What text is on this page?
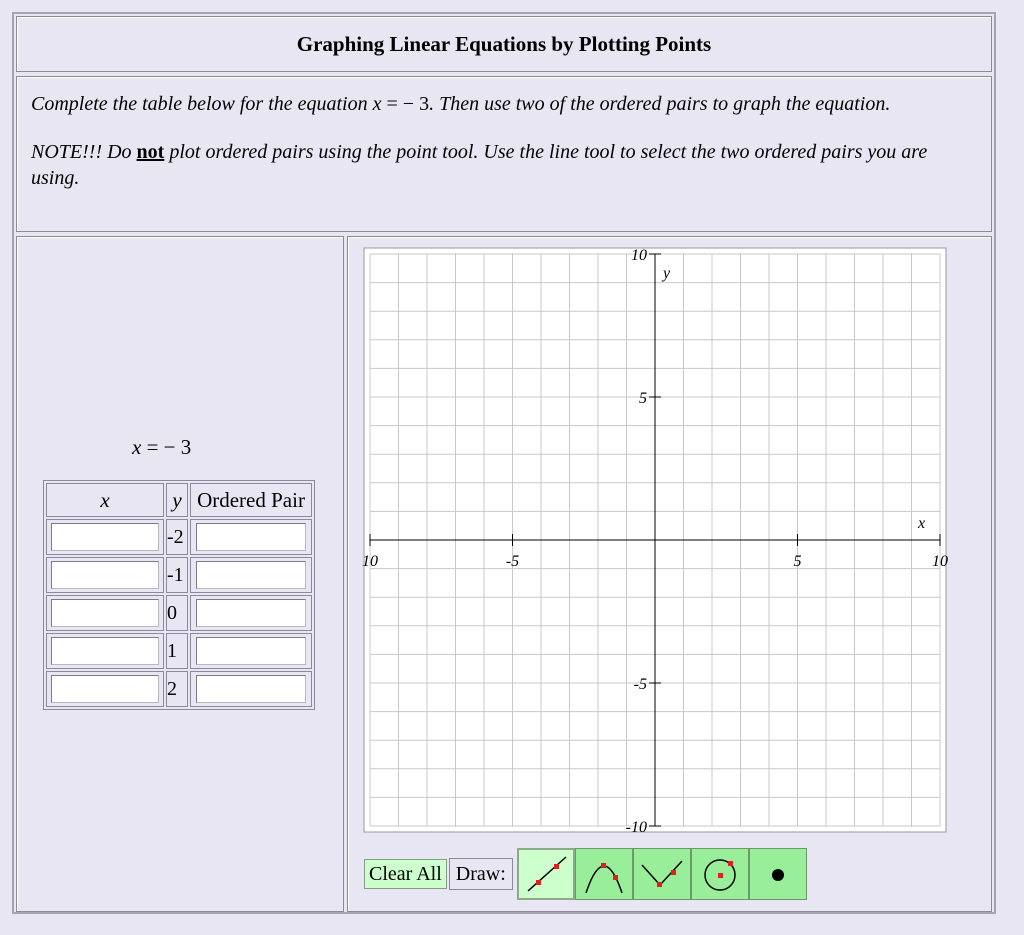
Graphing Linear Equations by Plotting Points

Complete the table below for the equation x = − 3. Then use two of the ordered pairs to graph the equation.

NOTE!!! Do not plot ordered pairs using the point tool. Use the line tool to select the two ordered pairs you are using.

x = − 3
x	y	Ordered Pair

	-2	

	-1	

	0	

	1	

	2	
10	-5	5	10
10
5
-5
-10
x
y
Clear All Draw:
